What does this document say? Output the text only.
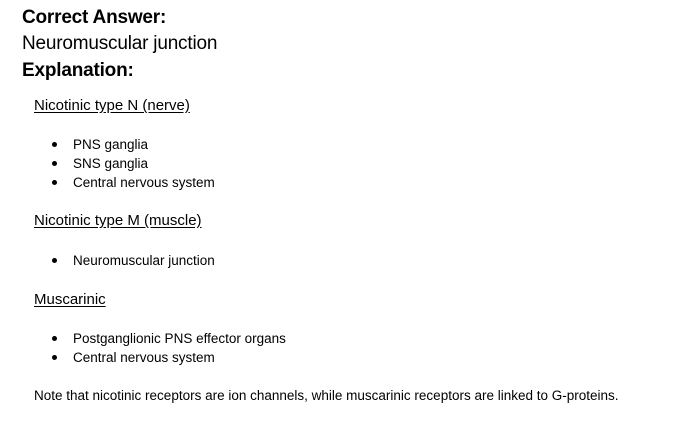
Correct Answer:
Neuromuscular junction
Explanation:
Nicotinic type N (nerve)
PNS ganglia
SNS ganglia
Central nervous system
Nicotinic type M (muscle)
Neuromuscular junction
Muscarinic
Postganglionic PNS effector organs
Central nervous system
Note that nicotinic receptors are ion channels, while muscarinic receptors are linked to G-proteins.
